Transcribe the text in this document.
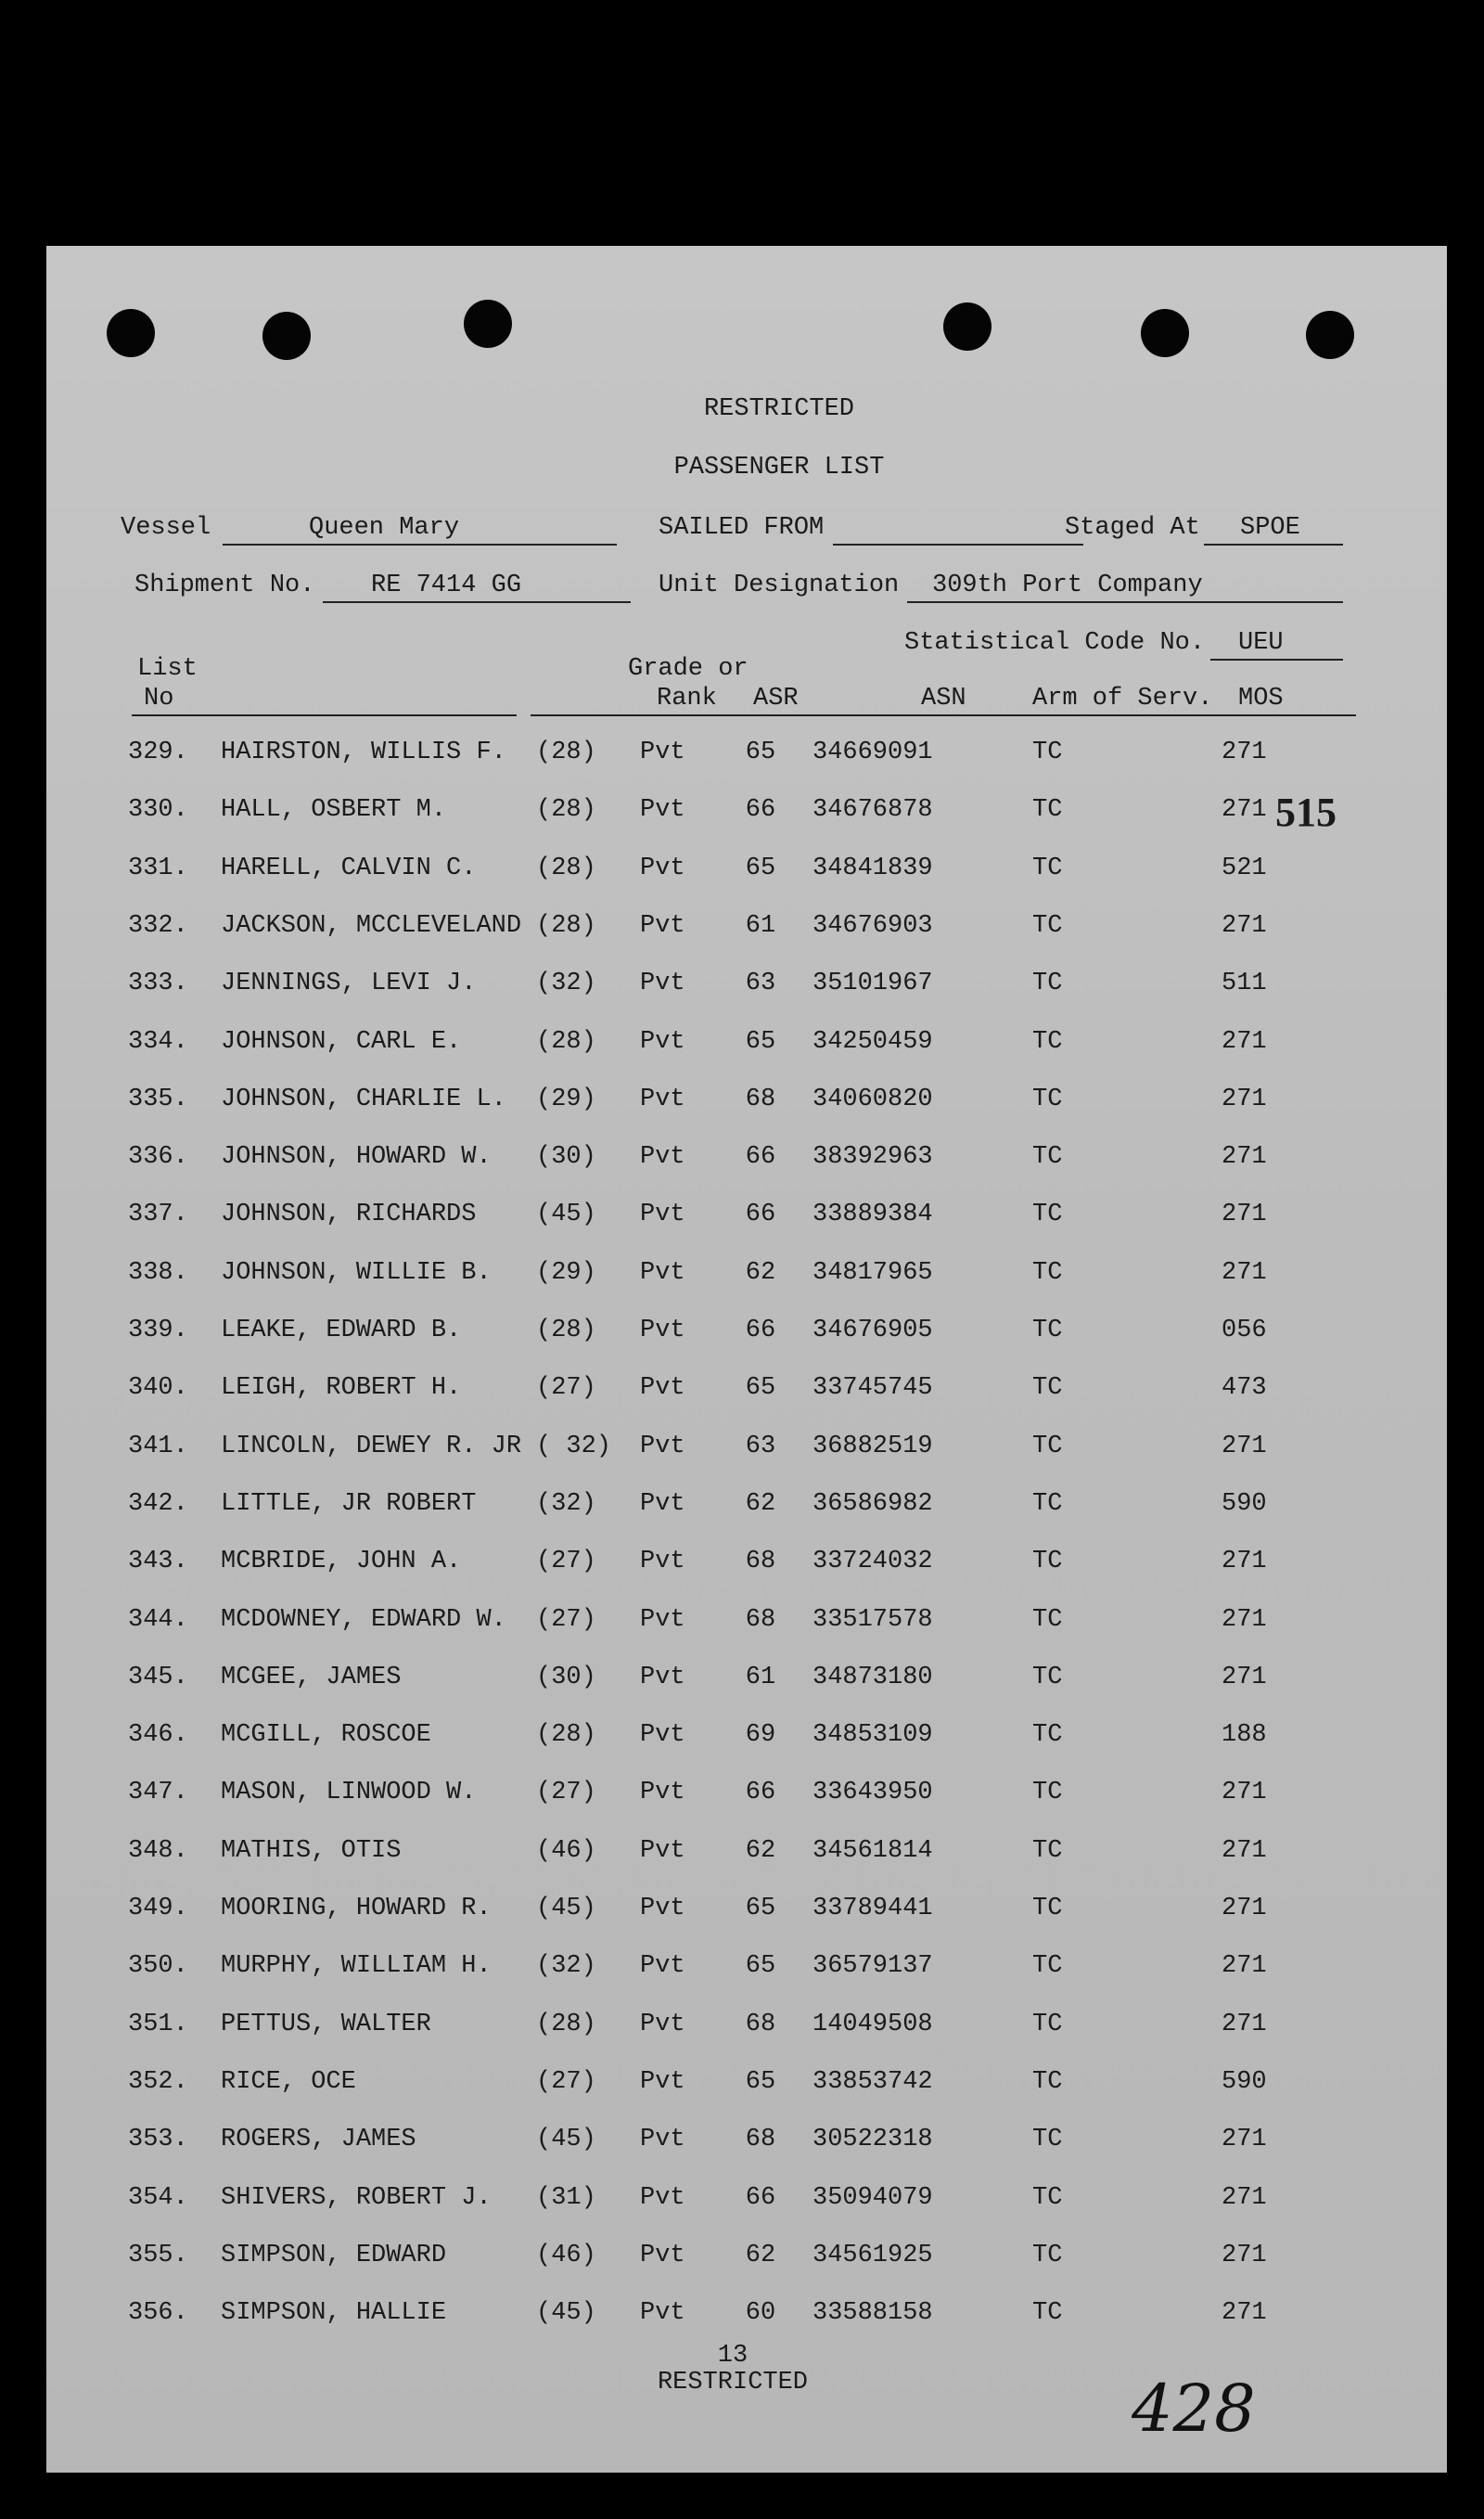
RESTRICTED
PASSENGER LIST
Vessel	Queen Mary	SAILED FROM	Staged At SPOE
Shipment No. RE 7414 GG	Unit Designation 309th Port Company
Statistical Code No. UEU
List
No
Grade or
Rank ASR	ASN	Arm of Serv. MOS
329. HAIRSTON, WILLIS F.	(28)	Pvt	65	34669091	TC	271
330. HALL, OSBERT M.	(28)	Pvt	66	34676878	TC	271
331. HARELL, CALVIN C.	(28)	Pvt	65	34841839	TC	521
332. JACKSON, MCCLEVELAND (28)	Pvt	61	34676903	TC	271
333. JENNINGS, LEVI J.	(32)	Pvt	63	35101967	TC	511
334. JOHNSON, CARL E.	(28)	Pvt	65	34250459	TC	271
335. JOHNSON, CHARLIE L.	(29)	Pvt	68	34060820	TC	271
336. JOHNSON, HOWARD W.	(30)	Pvt	66	38392963	TC	271
337. JOHNSON, RICHARDS	(45)	Pvt	66	33889384	TC	271
338. JOHNSON, WILLIE B.	(29)	Pvt	62	34817965	TC	271
339. LEAKE, EDWARD B.	(28)	Pvt	66	34676905	TC	056
340. LEIGH, ROBERT H.	(27)	Pvt	65	33745745	TC	473
341. LINCOLN, DEWEY R. JR ( 32)	Pvt	63	36882519	TC	271
342. LITTLE, JR ROBERT	(32)	Pvt	62	36586982	TC	590
343. MCBRIDE, JOHN A.	(27)	Pvt	68	33724032	TC	271
344. MCDOWNEY, EDWARD W.	(27)	Pvt	68	33517578	TC	271
345. MCGEE, JAMES	(30)	Pvt	61	34873180	TC	271
346. MCGILL, ROSCOE	(28)	Pvt	69	34853109	TC	188
347. MASON, LINWOOD W.	(27)	Pvt	66	33643950	TC	271
348. MATHIS, OTIS	(46)	Pvt	62	34561814	TC	271
349. MOORING, HOWARD R.	(45)	Pvt	65	33789441	TC	271
350. MURPHY, WILLIAM H.	(32)	Pvt	65	36579137	TC	271
351. PETTUS, WALTER	(28)	Pvt	68	14049508	TC	271
352. RICE, OCE	(27)	Pvt	65	33853742	TC	590
353. ROGERS, JAMES	(45)	Pvt	68	30522318	TC	271
354. SHIVERS, ROBERT J.	(31)	Pvt	66	35094079	TC	271
355. SIMPSON, EDWARD	(46)	Pvt	62	34561925	TC	271
356. SIMPSON, HALLIE	(45)	Pvt	60	33588158	TC	271
515
428
13
RESTRICTED
